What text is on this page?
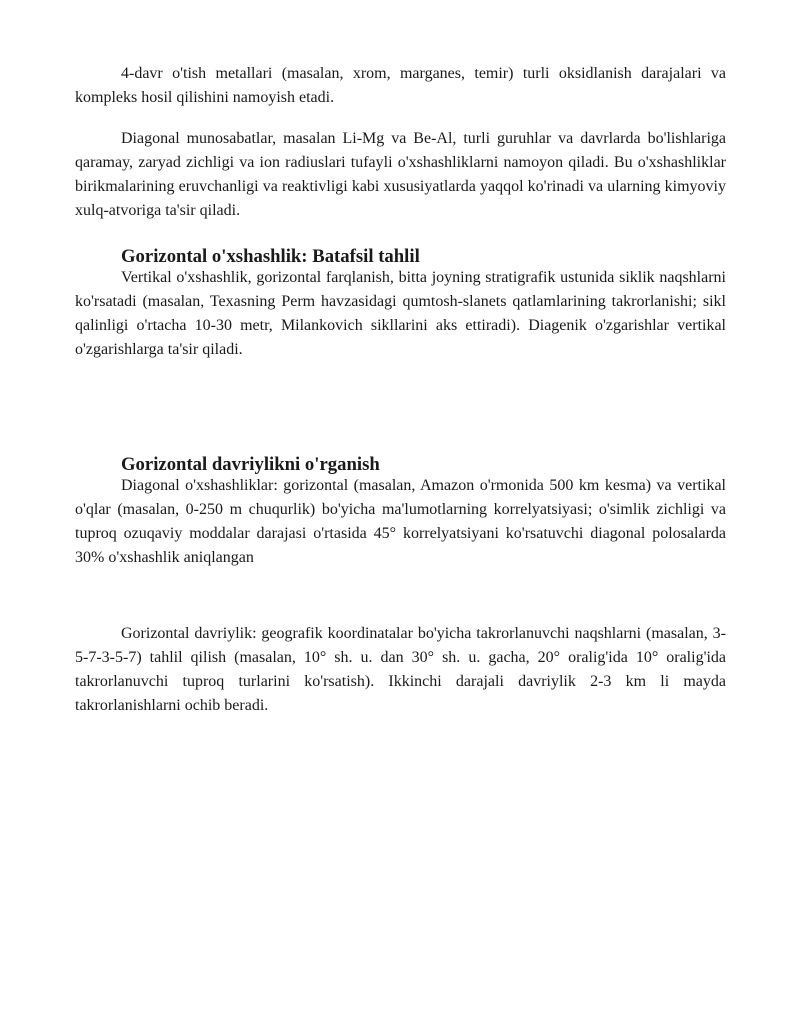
4-davr o'tish metallari (masalan, xrom, marganes, temir) turli oksidlanish darajalari va kompleks hosil qilishini namoyish etadi.

Diagonal munosabatlar, masalan Li-Mg va Be-Al, turli guruhlar va davrlarda bo'lishlariga qaramay, zaryad zichligi va ion radiuslari tufayli o'xshashliklarni namoyon qiladi. Bu o'xshashliklar birikmalarining eruvchanligi va reaktivligi kabi xususiyatlarda yaqqol ko'rinadi va ularning kimyoviy xulq-atvoriga ta'sir qiladi.

Gorizontal o'xshashlik: Batafsil tahlil

Vertikal o'xshashlik, gorizontal farqlanish, bitta joyning stratigrafik ustunida siklik naqshlarni ko'rsatadi (masalan, Texasning Perm havzasidagi qumtosh-slanets qatlamlarining takrorlanishi; sikl qalinligi o'rtacha 10-30 metr, Milankovich sikllarini aks ettiradi). Diagenik o'zgarishlar vertikal o'zgarishlarga ta'sir qiladi.

Gorizontal davriylikni o'rganish

Diagonal o'xshashliklar: gorizontal (masalan, Amazon o'rmonida 500 km kesma) va vertikal o'qlar (masalan, 0-250 m chuqurlik) bo'yicha ma'lumotlarning korrelyatsiyasi; o'simlik zichligi va tuproq ozuqaviy moddalar darajasi o'rtasida 45° korrelyatsiyani ko'rsatuvchi diagonal polosalarda 30% o'xshashlik aniqlangan

Gorizontal davriylik: geografik koordinatalar bo'yicha takrorlanuvchi naqshlarni (masalan, 3-5-7-3-5-7) tahlil qilish (masalan, 10° sh. u. dan 30° sh. u. gacha, 20° oralig'ida 10° oralig'ida takrorlanuvchi tuproq turlarini ko'rsatish). Ikkinchi darajali davriylik 2-3 km li mayda takrorlanishlarni ochib beradi.
